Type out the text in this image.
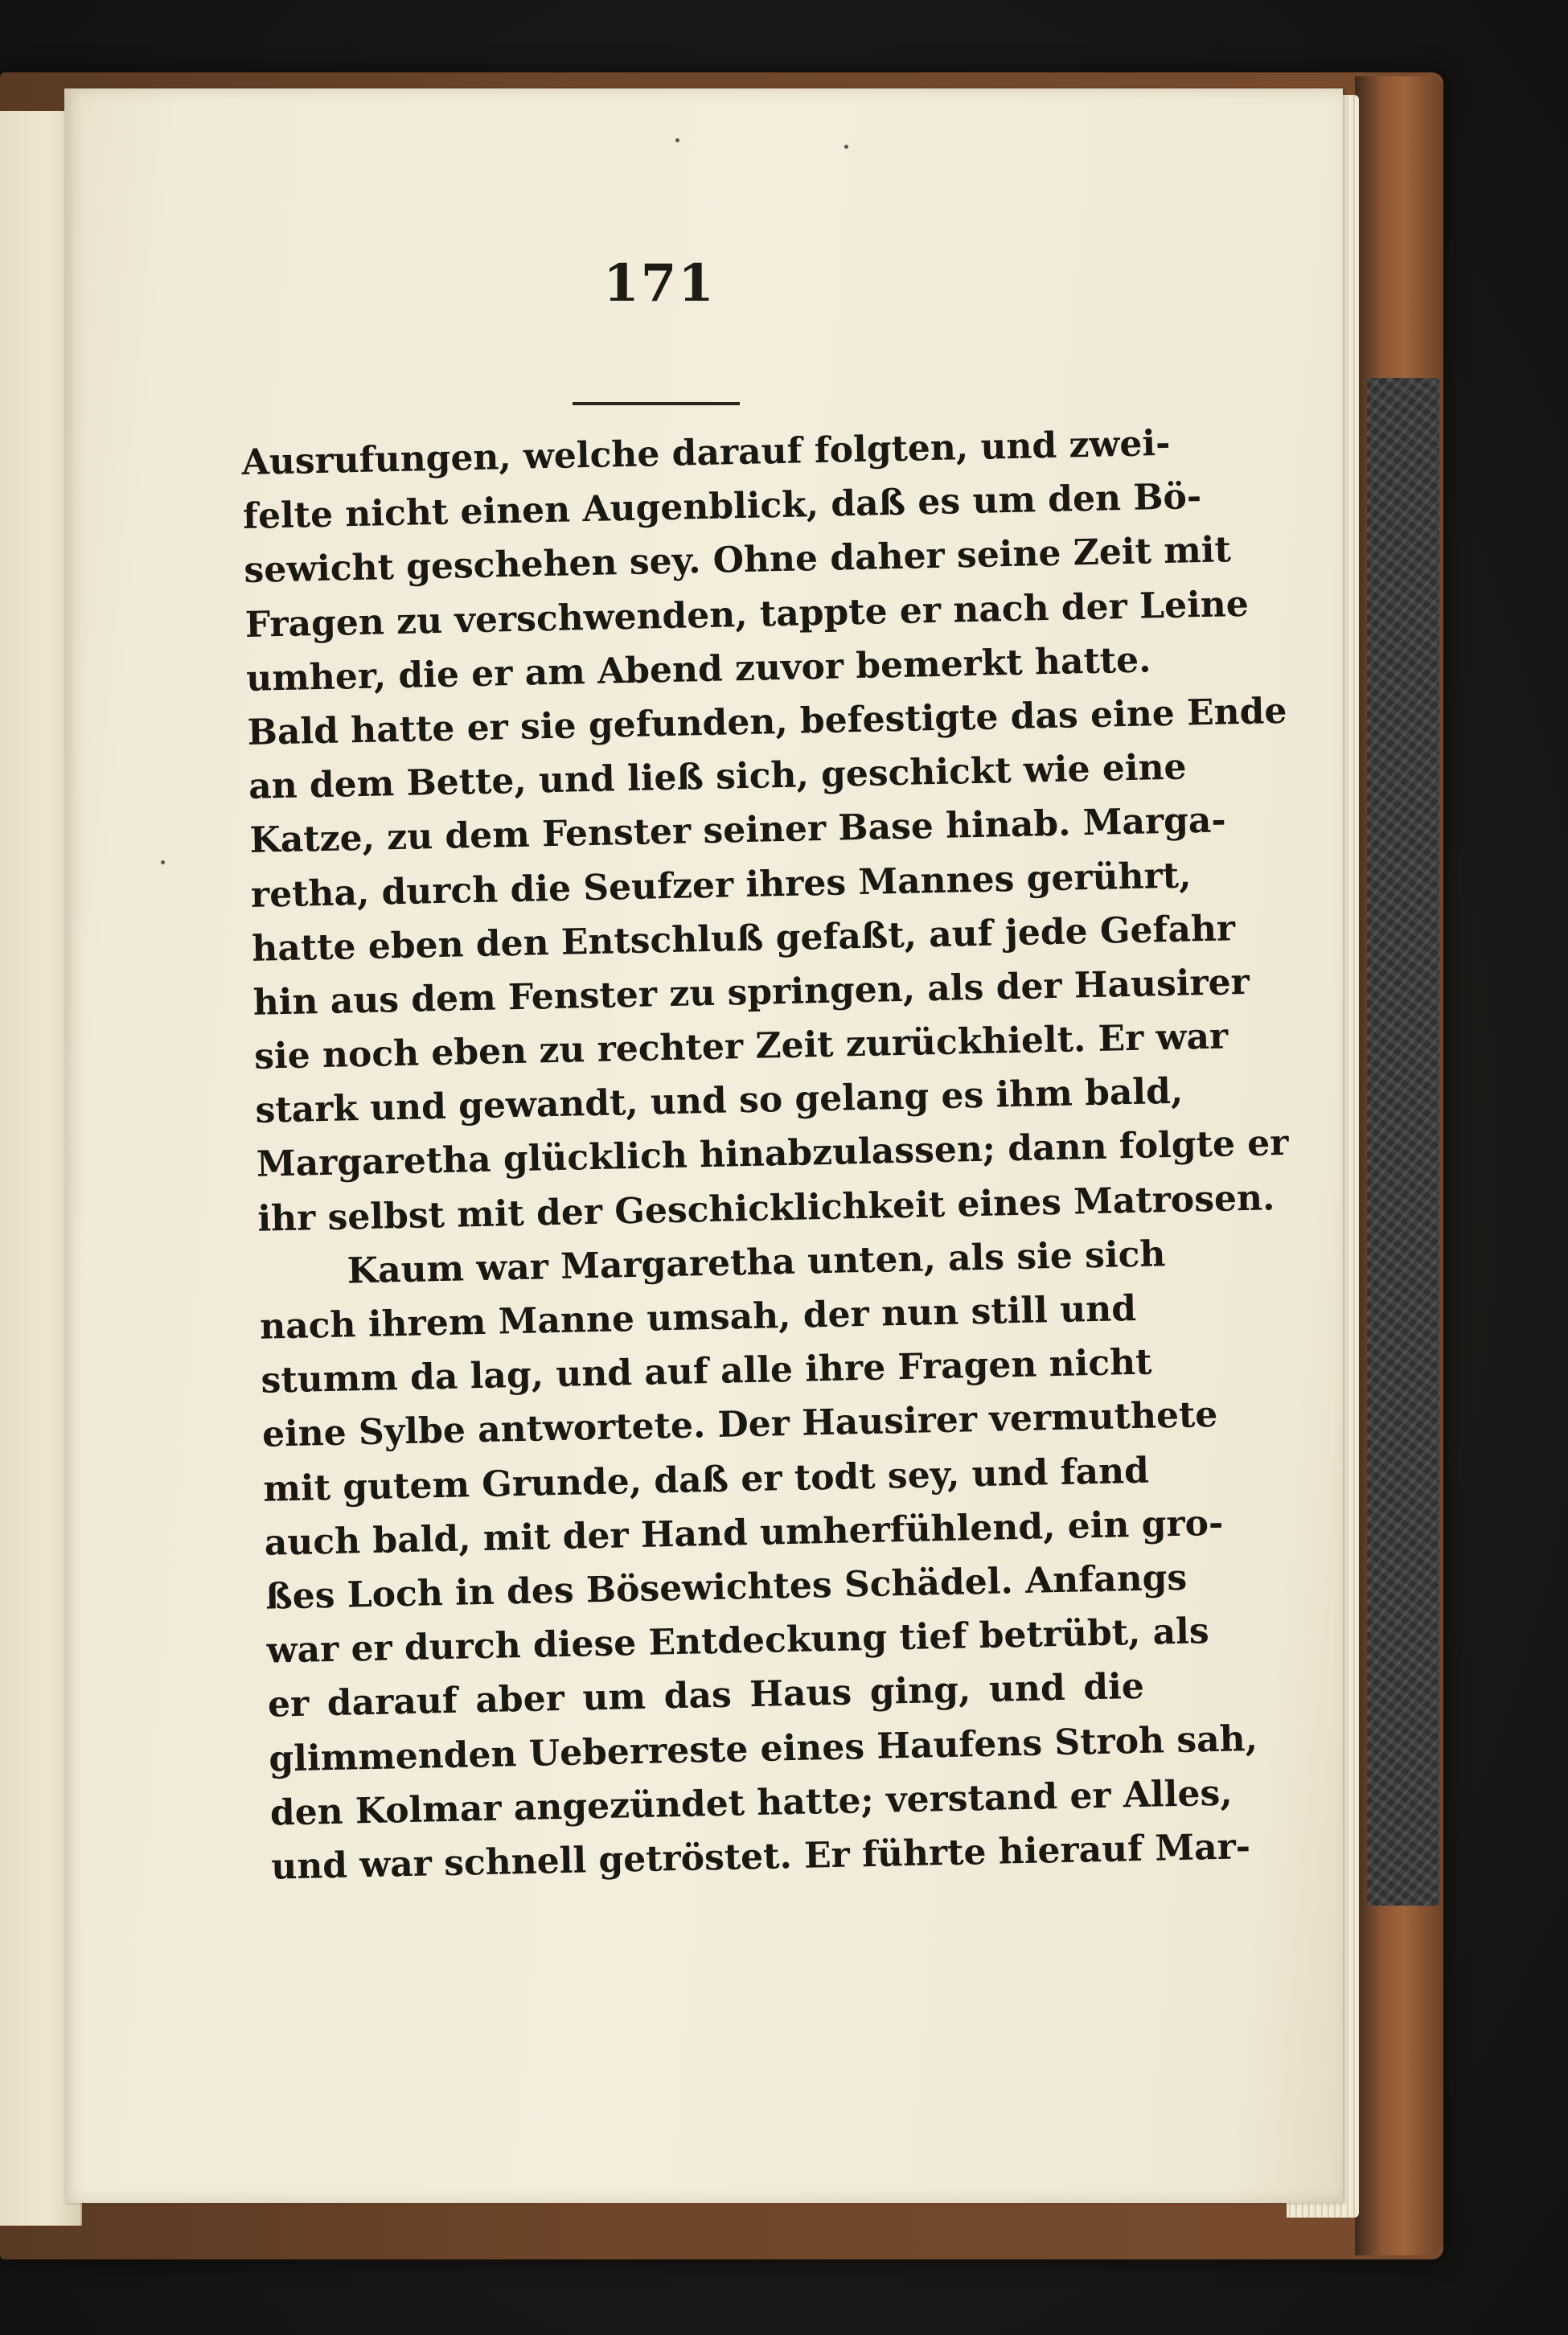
171
Ausrufungen, welche darauf folgten, und zwei-
felte nicht einen Augenblick, daß es um den Bö-
sewicht geschehen sey. Ohne daher seine Zeit mit
Fragen zu verschwenden, tappte er nach der Leine
umher, die er am Abend zuvor bemerkt hatte.
Bald hatte er sie gefunden, befestigte das eine Ende
an dem Bette, und ließ sich, geschickt wie eine
Katze, zu dem Fenster seiner Base hinab. Marga-
retha, durch die Seufzer ihres Mannes gerührt,
hatte eben den Entschluß gefaßt, auf jede Gefahr
hin aus dem Fenster zu springen, als der Hausirer
sie noch eben zu rechter Zeit zurückhielt. Er war
stark und gewandt, und so gelang es ihm bald,
Margaretha glücklich hinabzulassen; dann folgte er
ihr selbst mit der Geschicklichkeit eines Matrosen.
Kaum war Margaretha unten, als sie sich
nach ihrem Manne umsah, der nun still und
stumm da lag, und auf alle ihre Fragen nicht
eine Sylbe antwortete. Der Hausirer vermuthete
mit gutem Grunde, daß er todt sey, und fand
auch bald, mit der Hand umherfühlend, ein gro-
ßes Loch in des Bösewichtes Schädel. Anfangs
war er durch diese Entdeckung tief betrübt, als
er darauf aber um das Haus ging, und die
glimmenden Ueberreste eines Haufens Stroh sah,
den Kolmar angezündet hatte; verstand er Alles,
und war schnell getröstet. Er führte hierauf Mar-
